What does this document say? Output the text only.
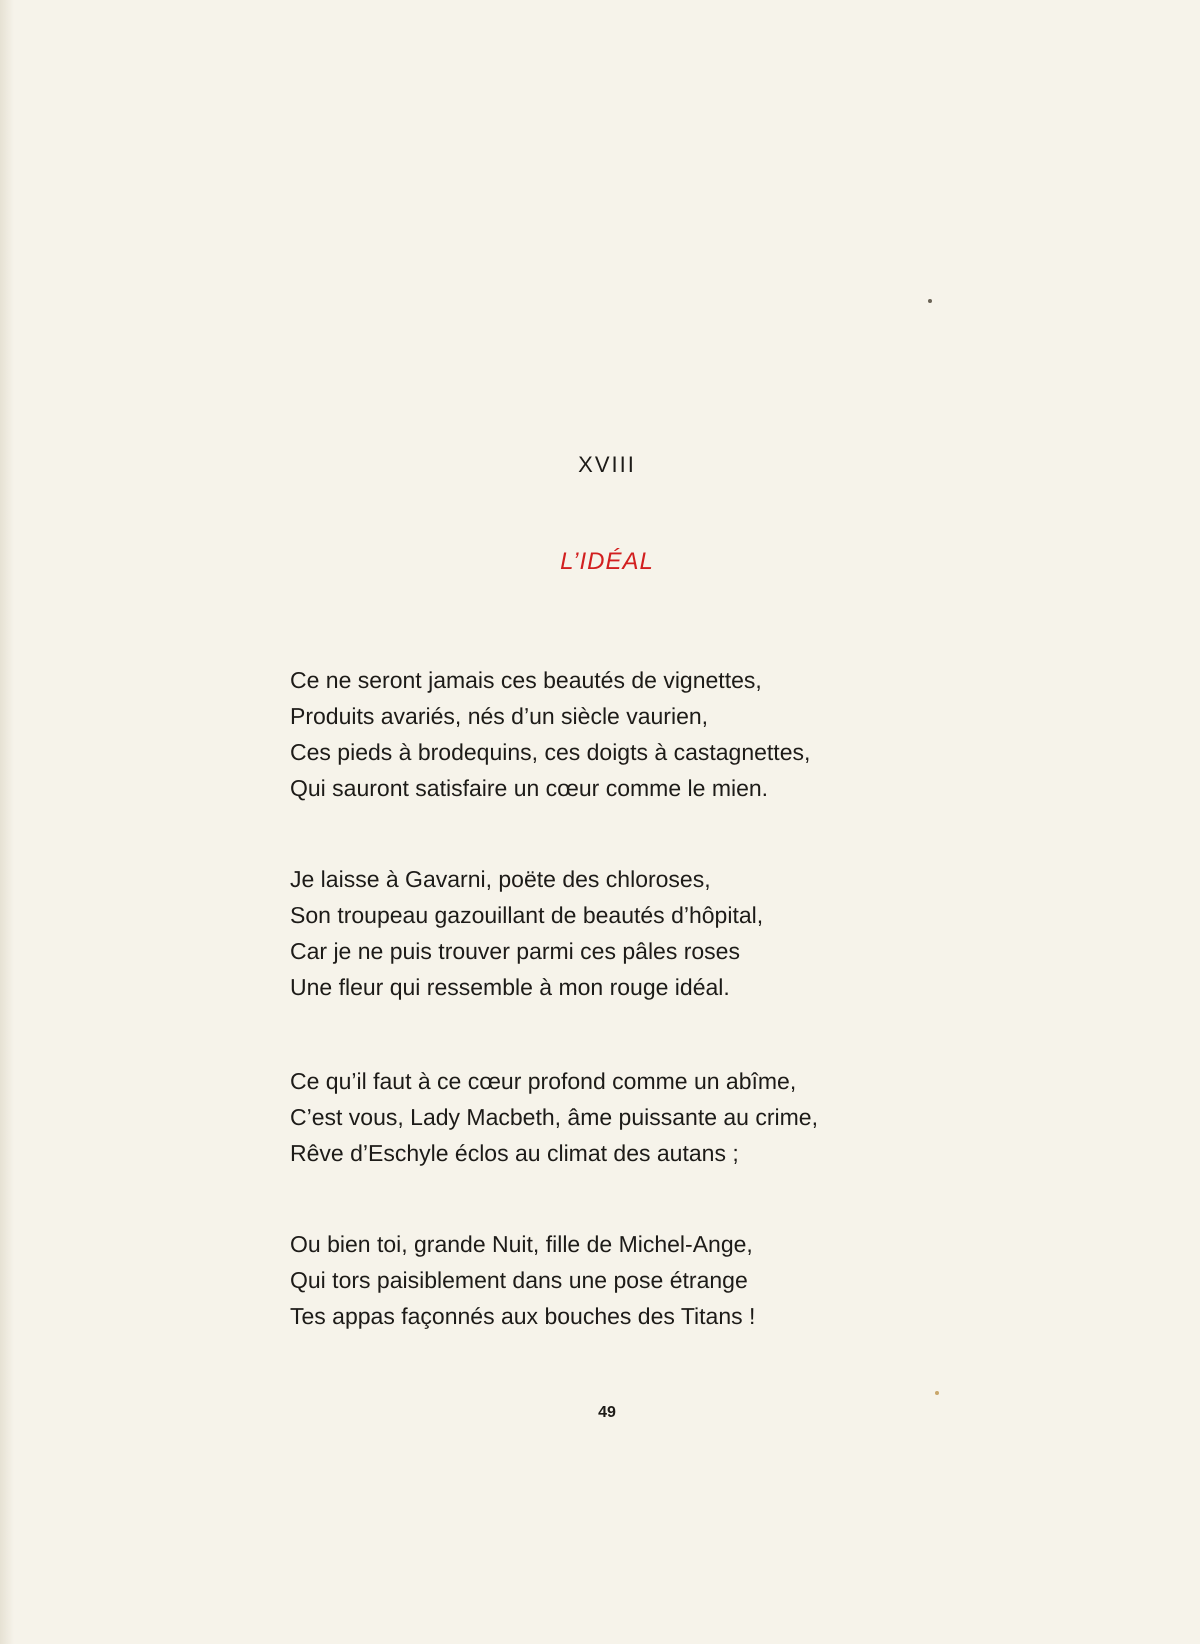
XVIII
L’IDÉAL
Ce ne seront jamais ces beautés de vignettes,
Produits avariés, nés d’un siècle vaurien,
Ces pieds à brodequins, ces doigts à castagnettes,
Qui sauront satisfaire un cœur comme le mien.
Je laisse à Gavarni, poëte des chloroses,
Son troupeau gazouillant de beautés d’hôpital,
Car je ne puis trouver parmi ces pâles roses
Une fleur qui ressemble à mon rouge idéal.
Ce qu’il faut à ce cœur profond comme un abîme,
C’est vous, Lady Macbeth, âme puissante au crime,
Rêve d’Eschyle éclos au climat des autans ;
Ou bien toi, grande Nuit, fille de Michel-Ange,
Qui tors paisiblement dans une pose étrange
Tes appas façonnés aux bouches des Titans !
49
